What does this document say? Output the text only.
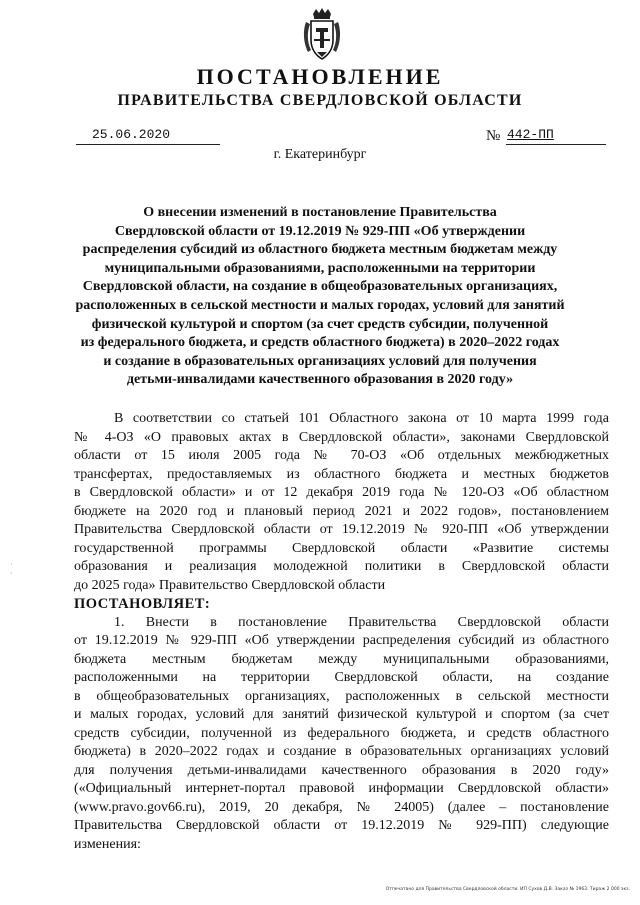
ПОСТАНОВЛЕНИЕ
ПРАВИТЕЛЬСТВА СВЕРДЛОВСКОЙ ОБЛАСТИ
25.06.2020	№ 442-ПП
г. Екатеринбург
О внесении изменений в постановление Правительства
Свердловской области от 19.12.2019 № 929-ПП «Об утверждении
распределения субсидий из областного бюджета местным бюджетам между
муниципальными образованиями, расположенными на территории
Свердловской области, на создание в общеобразовательных организациях,
расположенных в сельской местности и малых городах, условий для занятий
физической культурой и спортом (за счет средств субсидии, полученной
из федерального бюджета, и средств областного бюджета) в 2020–2022 годах
и создание в образовательных организациях условий для получения
детьми-инвалидами качественного образования в 2020 году»
·
·
В соответствии со статьей 101 Областного закона от 10 марта 1999 года
№ 4-ОЗ «О правовых актах в Свердловской области», законами Свердловской
области от 15 июля 2005 года № 70-ОЗ «Об отдельных межбюджетных
трансфертах, предоставляемых из областного бюджета и местных бюджетов
в Свердловской области» и от 12 декабря 2019 года № 120-ОЗ «Об областном
бюджете на 2020 год и плановый период 2021 и 2022 годов», постановлением
Правительства Свердловской области от 19.12.2019 № 920-ПП «Об утверждении
государственной программы Свердловской области «Развитие системы
образования и реализация молодежной политики в Свердловской области
до 2025 года» Правительство Свердловской области
ПОСТАНОВЛЯЕТ:
1. Внести в постановление Правительства Свердловской области
от 19.12.2019 № 929-ПП «Об утверждении распределения субсидий из областного
бюджета местным бюджетам между муниципальными образованиями,
расположенными на территории Свердловской области, на создание
в общеобразовательных организациях, расположенных в сельской местности
и малых городах, условий для занятий физической культурой и спортом (за счет
средств субсидии, полученной из федерального бюджета, и средств областного
бюджета) в 2020–2022 годах и создание в образовательных организациях условий
для получения детьми-инвалидами качественного образования в 2020 году»
(«Официальный интернет-портал правовой информации Свердловской области»
(www.pravo.gov66.ru), 2019, 20 декабря, № 24005) (далее – постановление
Правительства Свердловской области от 19.12.2019 № 929-ПП) следующие
изменения:
Отпечатано для Правительства Свердловской области. ИП Сухов Д.В. Заказ № 1963. Тираж 2 000 экз.
